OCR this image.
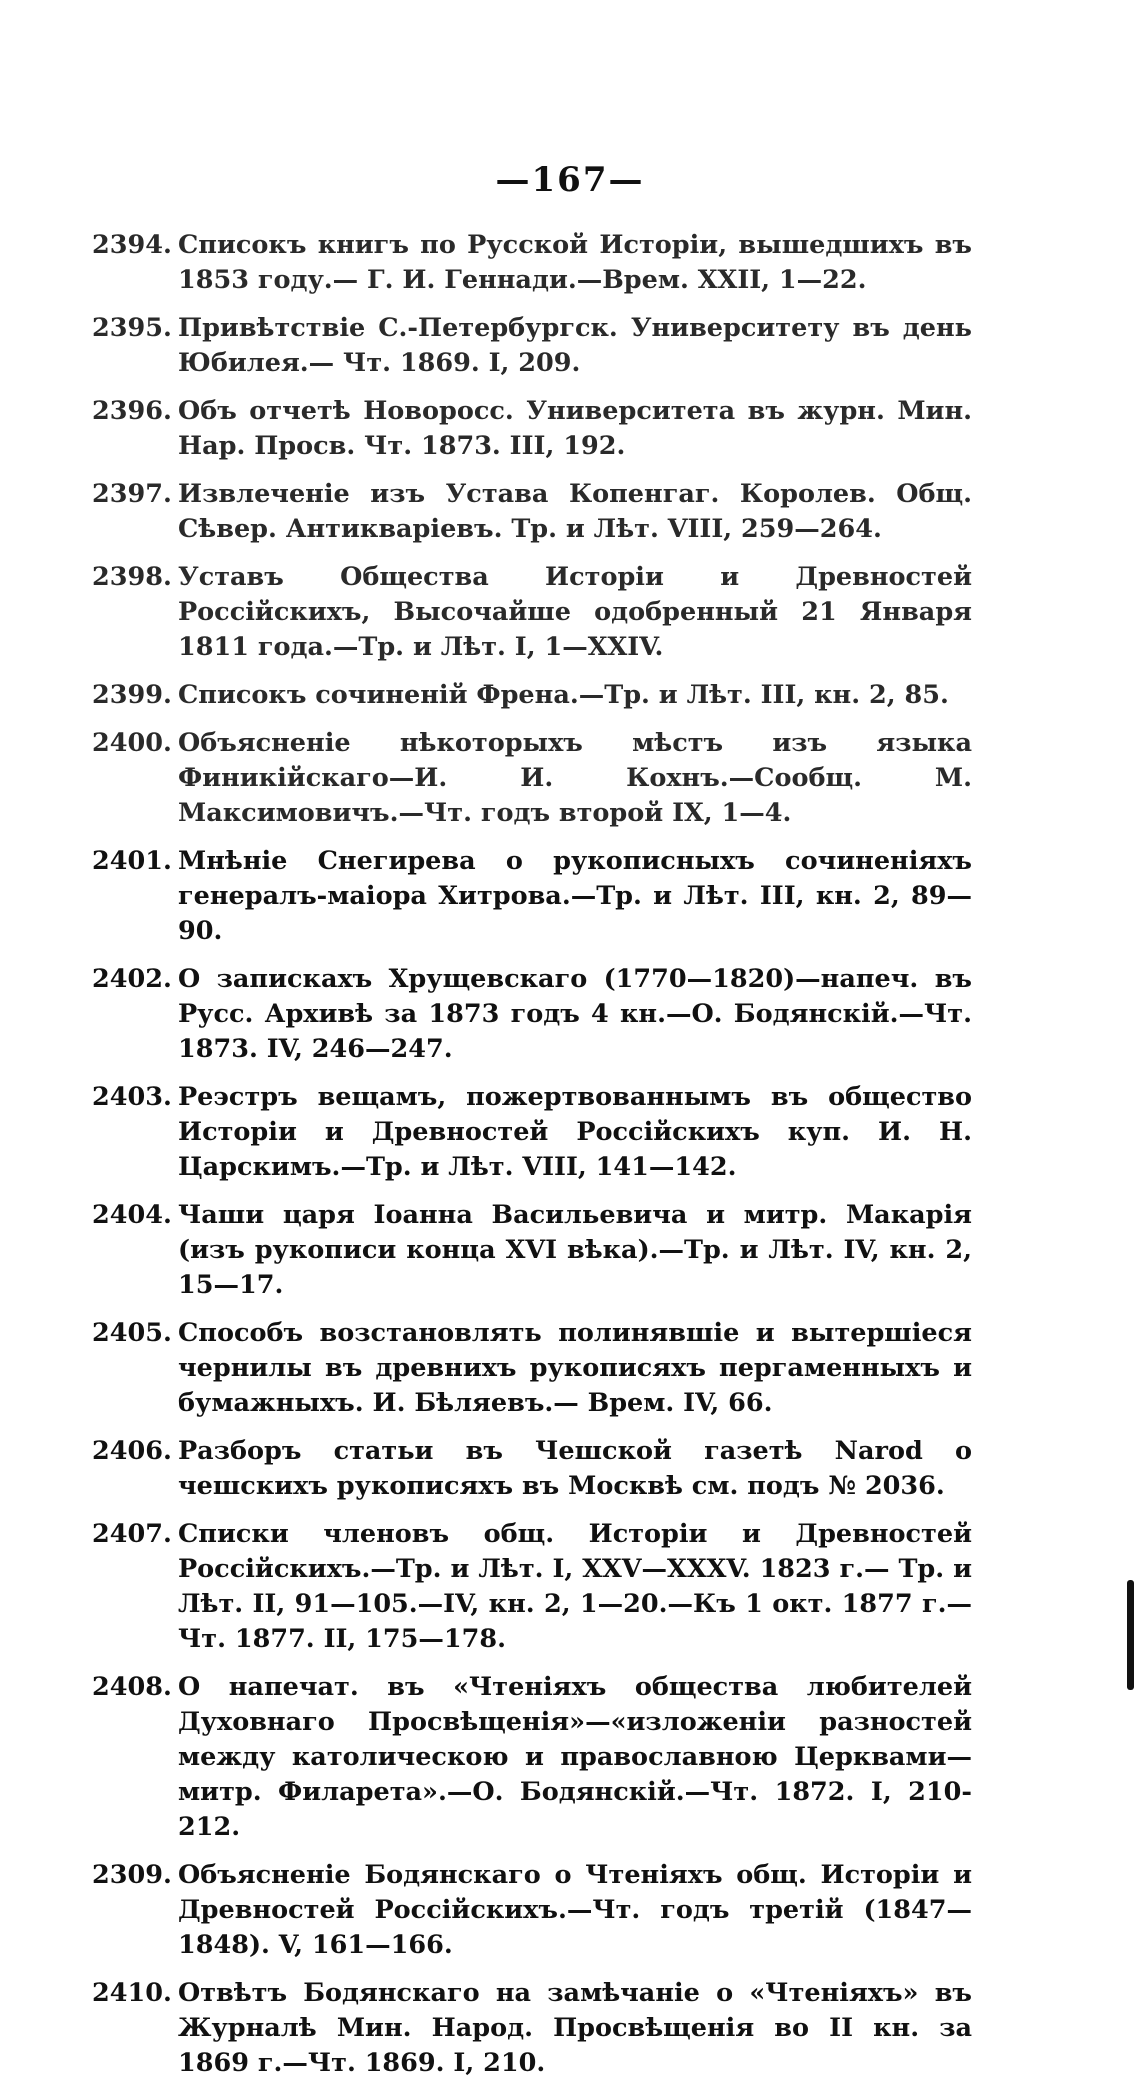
—167—
2394. Списокъ книгъ по Русской Исторіи, вышедшихъ въ 1853 году.— Г. И. Геннади.—Врем. XXII, 1—22.
2395. Привѣтствіе С.-Петербургск. Университету въ день Юбилея.— Чт. 1869. I, 209.
2396. Объ отчетѣ Новоросс. Университета въ журн. Мин. Нар. Просв. Чт. 1873. III, 192.
2397. Извлеченіе изъ Устава Копенгаг. Королев. Общ. Сѣвер. Антикваріевъ. Тр. и Лѣт. VIII, 259—264.
2398. Уставъ Общества Исторіи и Древностей Россійскихъ, Высочайше одобренный 21 Января 1811 года.—Тр. и Лѣт. I, 1—XXIV.
2399. Списокъ сочиненій Френа.—Тр. и Лѣт. III, кн. 2, 85.
2400. Объясненіе нѣкоторыхъ мѣстъ изъ языка Финикійскаго—И. И. Кохнъ.—Сообщ. М. Максимовичъ.—Чт. годъ второй IX, 1—4.
2401. Мнѣніе Снегирева о рукописныхъ сочиненіяхъ генералъ-маіора Хитрова.—Тр. и Лѣт. III, кн. 2, 89—90.
2402. О запискахъ Хрущевскаго (1770—1820)—напеч. въ Русс. Архивѣ за 1873 годъ 4 кн.—О. Бодянскій.—Чт. 1873. IV, 246—247.
2403. Реэстръ вещамъ, пожертвованнымъ въ общество Исторіи и Древностей Россійскихъ куп. И. Н. Царскимъ.—Тр. и Лѣт. VIII, 141—142.
2404. Чаши царя Іоанна Васильевича и митр. Макарія (изъ рукописи конца XVI вѣка).—Тр. и Лѣт. IV, кн. 2, 15—17.
2405. Способъ возстановлять полинявшіе и вытершіеся чернилы въ древнихъ рукописяхъ пергаменныхъ и бумажныхъ. И. Бѣляевъ.— Врем. IV, 66.
2406. Разборъ статьи въ Чешской газетѣ Narod о чешскихъ рукописяхъ въ Москвѣ см. подъ № 2036.
2407. Списки членовъ общ. Исторіи и Древностей Россійскихъ.—Тр. и Лѣт. I, XXV—XXXV. 1823 г.— Тр. и Лѣт. II, 91—105.—IV, кн. 2, 1—20.—Къ 1 окт. 1877 г.—Чт. 1877. II, 175—178.
2408. О напечат. въ «Чтеніяхъ общества любителей Духовнаго Просвѣщенія»—«изложеніи разностей между католическою и православною Церквами—митр. Филарета».—О. Бодянскій.—Чт. 1872. I, 210-212.
2309. Объясненіе Бодянскаго о Чтеніяхъ общ. Исторіи и Древностей Россійскихъ.—Чт. годъ третій (1847—1848). V, 161—166.
2410. Отвѣтъ Бодянскаго на замѣчаніе о «Чтеніяхъ» въ Журналѣ Мин. Народ. Просвѣщенія во II кн. за 1869 г.—Чт. 1869. I, 210.
